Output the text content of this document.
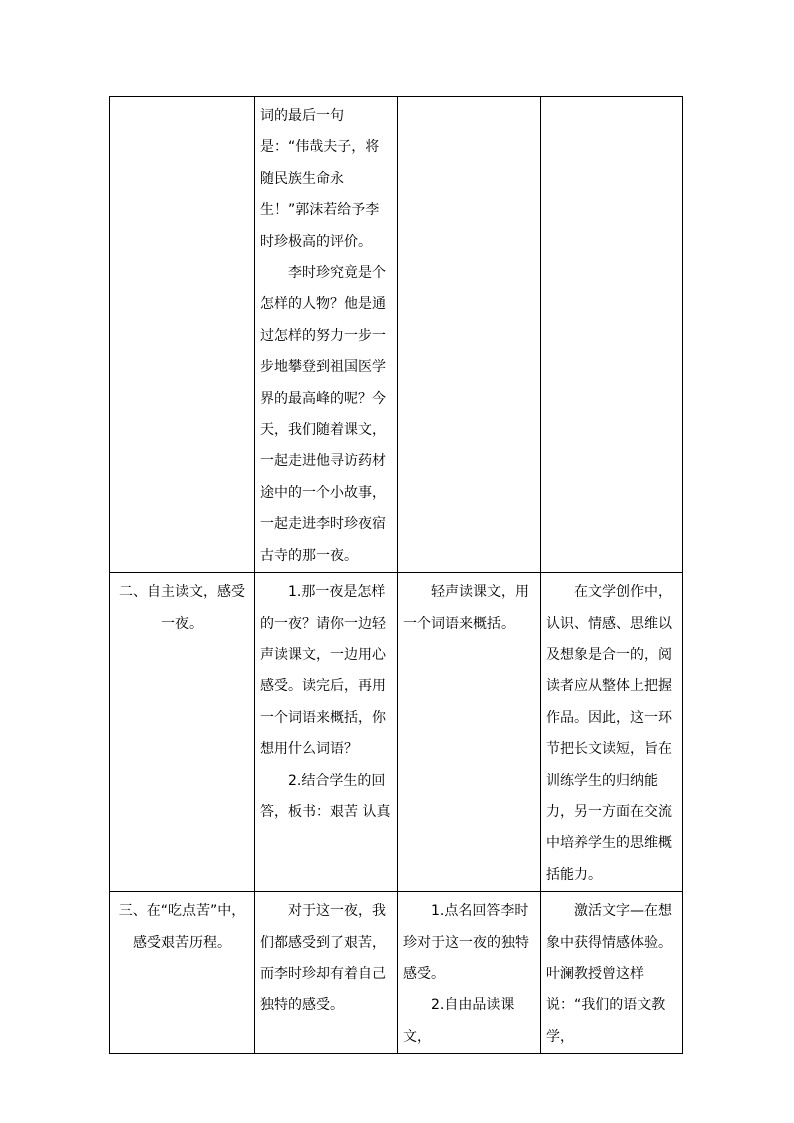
	词的最后一句是：“伟哉夫子，将随民族生命永生！”郭沫若给予李时珍极高的评价。

李时珍究竟是个怎样的人物？他是通过怎样的努力一步一步地攀登到祖国医学界的最高峰的呢？今天，我们随着课文，一起走进他寻访药材途中的一个小故事，一起走进李时珍夜宿古寺的那一夜。		

二、自主读文，感受一夜。	1.那一夜是怎样的一夜？请你一边轻声读课文，一边用心感受。读完后，再用一个词语来概括，你想用什么词语？

2.结合学生的回答，板书：艰苦 认真	轻声读课文，用一个词语来概括。	在文学创作中，认识、情感、思维以及想象是合一的，阅读者应从整体上把握作品。因此，这一环节把长文读短，旨在训练学生的归纳能力，另一方面在交流中培养学生的思维概括能力。

三、在“吃点苦”中，感受艰苦历程。	对于这一夜，我们都感受到了艰苦，而李时珍却有着自己独特的感受。	1.点名回答李时珍对于这一夜的独特感受。

2.自由品读课文，	激活文字—在想象中获得情感体验。叶澜教授曾这样说：“我们的语文教学，
